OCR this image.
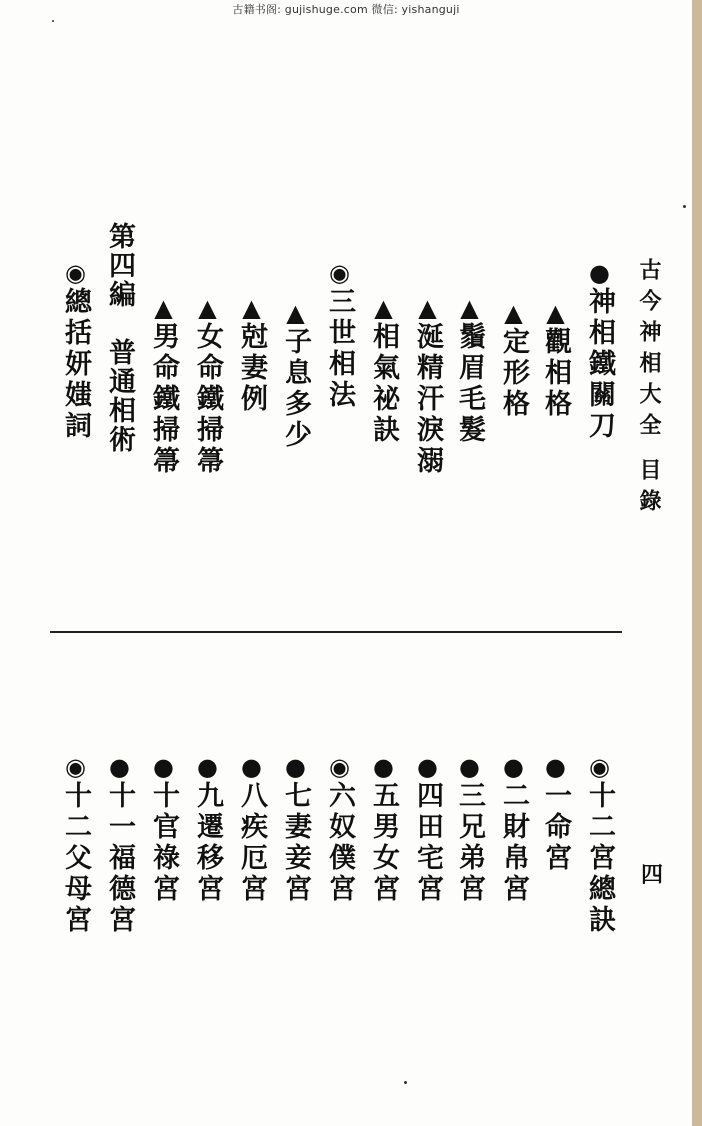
古籍书阁: gujishuge.com 微信: yishanguji
古今神相大全目錄
●神相鐵關刀
▲觀相格
▲定形格
▲鬚眉毛髮
▲涎精汗淚溺
▲相氣祕訣
◉三世相法
▲子息多少
▲尅妻例
▲女命鐵掃箒
▲男命鐵掃箒
第四編　普通相術
◉總括妍媸詞
◉十二宮總訣
●一命宮
●二財帛宮
●三兄弟宮
●四田宅宮
●五男女宮
◉六奴僕宮
●七妻妾宮
●八疾厄宮
●九遷移宮
●十官祿宮
●十一福德宮
◉十二父母宮	四
